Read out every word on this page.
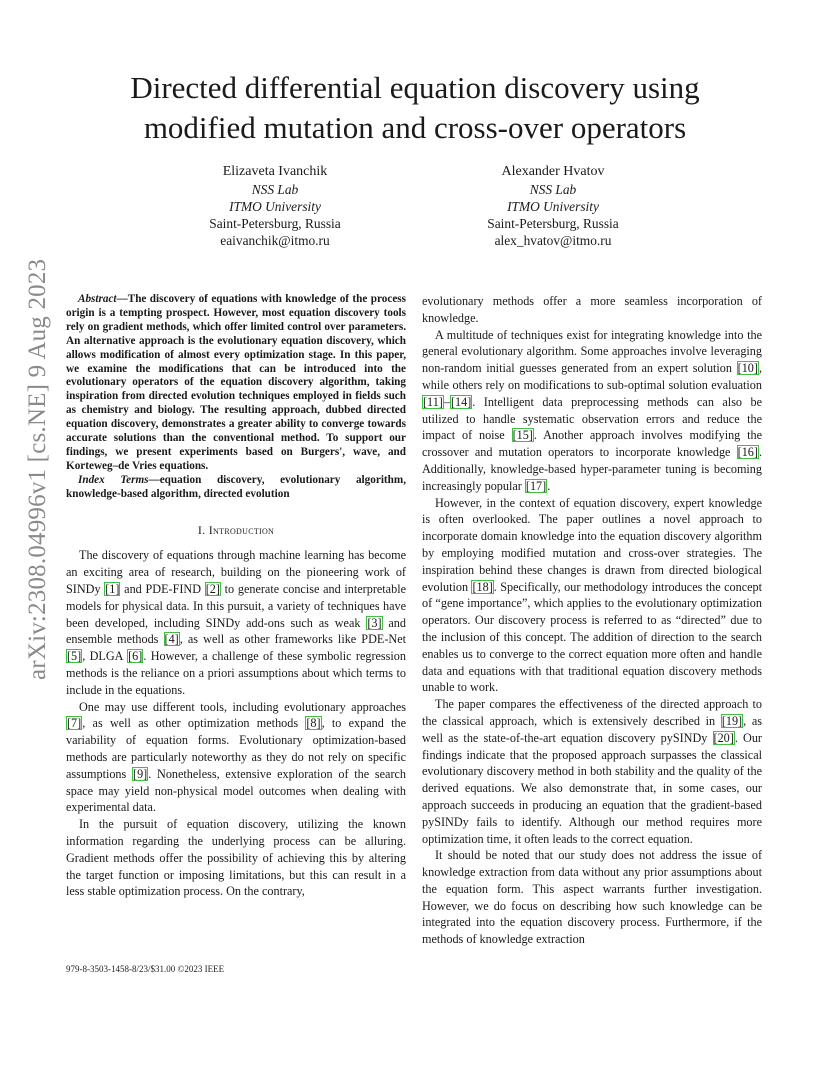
arXiv:2308.04996v1 [cs.NE] 9 Aug 2023
Directed differential equation discovery using
modified mutation and cross-over operators
Elizaveta Ivanchik
NSS Lab
ITMO University
Saint-Petersburg, Russia
eaivanchik@itmo.ru
Alexander Hvatov
NSS Lab
ITMO University
Saint-Petersburg, Russia
alex_hvatov@itmo.ru

Abstract—The discovery of equations with knowledge of the process origin is a tempting prospect. However, most equation discovery tools rely on gradient methods, which offer limited control over parameters. An alternative approach is the evolutionary equation discovery, which allows modification of almost every optimization stage. In this paper, we examine the modifications that can be introduced into the evolutionary operators of the equation discovery algorithm, taking inspiration from directed evolution techniques employed in fields such as chemistry and biology. The resulting approach, dubbed directed equation discovery, demonstrates a greater ability to converge towards accurate solutions than the conventional method. To support our findings, we present experiments based on Burgers', wave, and Korteweg–de Vries equations.

Index Terms—equation discovery, evolutionary algorithm, knowledge-based algorithm, directed evolution

I. Introduction

The discovery of equations through machine learning has become an exciting area of research, building on the pioneering work of SINDy [1] and PDE-FIND [2] to generate concise and interpretable models for physical data. In this pursuit, a variety of techniques have been developed, including SINDy add-ons such as weak [3] and ensemble methods [4], as well as other frameworks like PDE-Net [5], DLGA [6]. However, a challenge of these symbolic regression methods is the reliance on a priori assumptions about which terms to include in the equations.

One may use different tools, including evolutionary approaches [7], as well as other optimization methods [8], to expand the variability of equation forms. Evolutionary optimization-based methods are particularly noteworthy as they do not rely on specific assumptions [9]. Nonetheless, extensive exploration of the search space may yield non-physical model outcomes when dealing with experimental data.

In the pursuit of equation discovery, utilizing the known information regarding the underlying process can be alluring. Gradient methods offer the possibility of achieving this by altering the target function or imposing limitations, but this can result in a less stable optimization process. On the contrary,

evolutionary methods offer a more seamless incorporation of knowledge.

A multitude of techniques exist for integrating knowledge into the general evolutionary algorithm. Some approaches involve leveraging non-random initial guesses generated from an expert solution [10], while others rely on modifications to sub-optimal solution evaluation [11]–[14]. Intelligent data preprocessing methods can also be utilized to handle systematic observation errors and reduce the impact of noise [15]. Another approach involves modifying the crossover and mutation operators to incorporate knowledge [16]. Additionally, knowledge-based hyper-parameter tuning is becoming increasingly popular [17].

However, in the context of equation discovery, expert knowledge is often overlooked. The paper outlines a novel approach to incorporate domain knowledge into the equation discovery algorithm by employing modified mutation and cross-over strategies. The inspiration behind these changes is drawn from directed biological evolution [18]. Specifically, our methodology introduces the concept of “gene importance”, which applies to the evolutionary optimization operators. Our discovery process is referred to as “directed” due to the inclusion of this concept. The addition of direction to the search enables us to converge to the correct equation more often and handle data and equations with that traditional equation discovery methods unable to work.

The paper compares the effectiveness of the directed approach to the classical approach, which is extensively described in [19], as well as the state-of-the-art equation discovery pySINDy [20]. Our findings indicate that the proposed approach surpasses the classical evolutionary discovery method in both stability and the quality of the derived equations. We also demonstrate that, in some cases, our approach succeeds in producing an equation that the gradient-based pySINDy fails to identify. Although our method requires more optimization time, it often leads to the correct equation.

It should be noted that our study does not address the issue of knowledge extraction from data without any prior assumptions about the equation form. This aspect warrants further investigation. However, we do focus on describing how such knowledge can be integrated into the equation discovery process. Furthermore, if the methods of knowledge extraction

979-8-3503-1458-8/23/$31.00 ©2023 IEEE
